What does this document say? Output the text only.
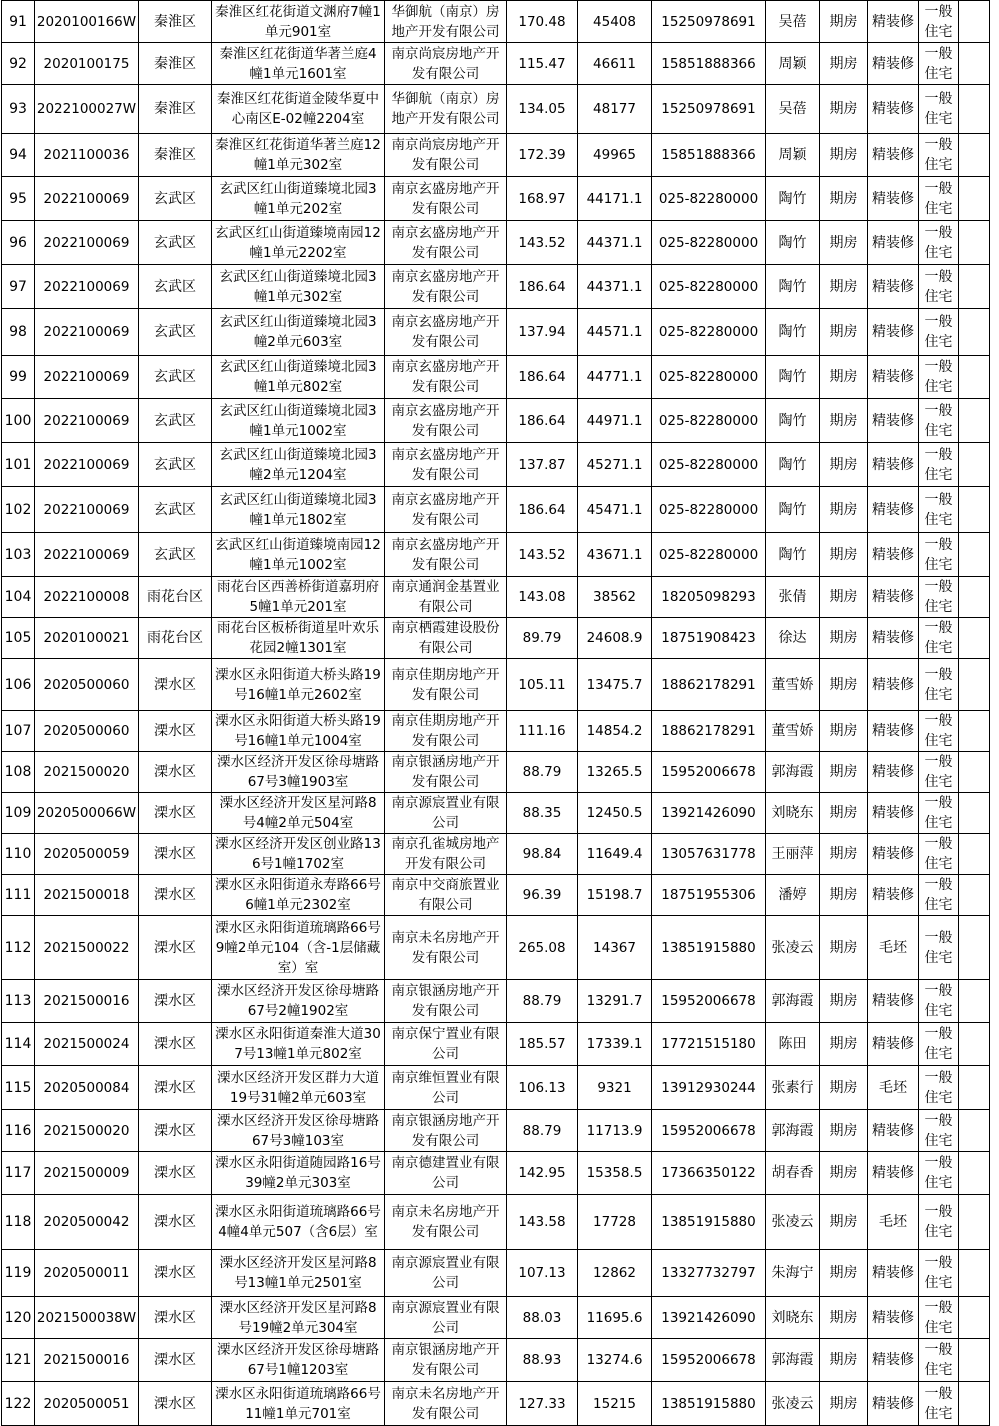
91	2020100166W	秦淮区	秦淮区红花街道文渊府7幢1单元901室	华御航（南京）房地产开发有限公司	170.48	45408	15250978691	吴蓓	期房	精装修	一般住宅	
92	2020100175	秦淮区	秦淮区红花街道华著兰庭4幢1单元1601室	南京尚宸房地产开发有限公司	115.47	46611	15851888366	周颖	期房	精装修	一般住宅	
93	2022100027W	秦淮区	秦淮区红花街道金陵华夏中心南区E-02幢2204室	华御航（南京）房地产开发有限公司	134.05	48177	15250978691	吴蓓	期房	精装修	一般住宅	
94	2021100036	秦淮区	秦淮区红花街道华著兰庭12幢1单元302室	南京尚宸房地产开发有限公司	172.39	49965	15851888366	周颖	期房	精装修	一般住宅	
95	2022100069	玄武区	玄武区红山街道臻境北园3幢1单元202室	南京玄盛房地产开发有限公司	168.97	44171.1	025-82280000	陶竹	期房	精装修	一般住宅	
96	2022100069	玄武区	玄武区红山街道臻境南园12幢1单元2202室	南京玄盛房地产开发有限公司	143.52	44371.1	025-82280000	陶竹	期房	精装修	一般住宅	
97	2022100069	玄武区	玄武区红山街道臻境北园3幢1单元302室	南京玄盛房地产开发有限公司	186.64	44371.1	025-82280000	陶竹	期房	精装修	一般住宅	
98	2022100069	玄武区	玄武区红山街道臻境北园3幢2单元603室	南京玄盛房地产开发有限公司	137.94	44571.1	025-82280000	陶竹	期房	精装修	一般住宅	
99	2022100069	玄武区	玄武区红山街道臻境北园3幢1单元802室	南京玄盛房地产开发有限公司	186.64	44771.1	025-82280000	陶竹	期房	精装修	一般住宅	
100	2022100069	玄武区	玄武区红山街道臻境北园3幢1单元1002室	南京玄盛房地产开发有限公司	186.64	44971.1	025-82280000	陶竹	期房	精装修	一般住宅	
101	2022100069	玄武区	玄武区红山街道臻境北园3幢2单元1204室	南京玄盛房地产开发有限公司	137.87	45271.1	025-82280000	陶竹	期房	精装修	一般住宅	
102	2022100069	玄武区	玄武区红山街道臻境北园3幢1单元1802室	南京玄盛房地产开发有限公司	186.64	45471.1	025-82280000	陶竹	期房	精装修	一般住宅	
103	2022100069	玄武区	玄武区红山街道臻境南园12幢1单元1002室	南京玄盛房地产开发有限公司	143.52	43671.1	025-82280000	陶竹	期房	精装修	一般住宅	
104	2022100008	雨花台区	雨花台区西善桥街道嘉玥府5幢1单元201室	南京通润金基置业有限公司	143.08	38562	18205098293	张倩	期房	精装修	一般住宅	
105	2020100021	雨花台区	雨花台区板桥街道星叶欢乐花园2幢1301室	南京栖霞建设股份有限公司	89.79	24608.9	18751908423	徐达	期房	精装修	一般住宅	
106	2020500060	溧水区	溧水区永阳街道大桥头路19号16幢1单元2602室	南京佳期房地产开发有限公司	105.11	13475.7	18862178291	董雪娇	期房	精装修	一般住宅	
107	2020500060	溧水区	溧水区永阳街道大桥头路19号16幢1单元1004室	南京佳期房地产开发有限公司	111.16	14854.2	18862178291	董雪娇	期房	精装修	一般住宅	
108	2021500020	溧水区	溧水区经济开发区徐母塘路67号3幢1903室	南京银涵房地产开发有限公司	88.79	13265.5	15952006678	郭海霞	期房	精装修	一般住宅	
109	2020500066W	溧水区	溧水区经济开发区星河路8号4幢2单元504室	南京源宸置业有限公司	88.35	12450.5	13921426090	刘晓东	期房	精装修	一般住宅	
110	2020500059	溧水区	溧水区经济开发区创业路136号1幢1702室	南京孔雀城房地产开发有限公司	98.84	11649.4	13057631778	王丽萍	期房	精装修	一般住宅	
111	2021500018	溧水区	溧水区永阳街道永寿路66号6幢1单元2302室	南京中交商旅置业有限公司	96.39	15198.7	18751955306	潘婷	期房	精装修	一般住宅	
112	2021500022	溧水区	溧水区永阳街道琉璃路66号9幢2单元104（含-1层储藏室）室	南京未名房地产开发有限公司	265.08	14367	13851915880	张凌云	期房	毛坯	一般住宅	
113	2021500016	溧水区	溧水区经济开发区徐母塘路67号2幢1902室	南京银涵房地产开发有限公司	88.79	13291.7	15952006678	郭海霞	期房	精装修	一般住宅	
114	2021500024	溧水区	溧水区永阳街道秦淮大道307号13幢1单元802室	南京保宁置业有限公司	185.57	17339.1	17721515180	陈田	期房	精装修	一般住宅	
115	2020500084	溧水区	溧水区经济开发区群力大道19号31幢2单元603室	南京维恒置业有限公司	106.13	9321	13912930244	张素行	期房	毛坯	一般住宅	
116	2021500020	溧水区	溧水区经济开发区徐母塘路67号3幢103室	南京银涵房地产开发有限公司	88.79	11713.9	15952006678	郭海霞	期房	精装修	一般住宅	
117	2021500009	溧水区	溧水区永阳街道随园路16号39幢2单元303室	南京德建置业有限公司	142.95	15358.5	17366350122	胡春香	期房	精装修	一般住宅	
118	2020500042	溧水区	溧水区永阳街道琉璃路66号4幢4单元507（含6层）室	南京未名房地产开发有限公司	143.58	17728	13851915880	张凌云	期房	毛坯	一般住宅	
119	2020500011	溧水区	溧水区经济开发区星河路8号13幢1单元2501室	南京源宸置业有限公司	107.13	12862	13327732797	朱海宁	期房	精装修	一般住宅	
120	2021500038W	溧水区	溧水区经济开发区星河路8号19幢2单元304室	南京源宸置业有限公司	88.03	11695.6	13921426090	刘晓东	期房	精装修	一般住宅	
121	2021500016	溧水区	溧水区经济开发区徐母塘路67号1幢1203室	南京银涵房地产开发有限公司	88.93	13274.6	15952006678	郭海霞	期房	精装修	一般住宅	
122	2020500051	溧水区	溧水区永阳街道琉璃路66号11幢1单元701室	南京未名房地产开发有限公司	127.33	15215	13851915880	张凌云	期房	精装修	一般住宅	
